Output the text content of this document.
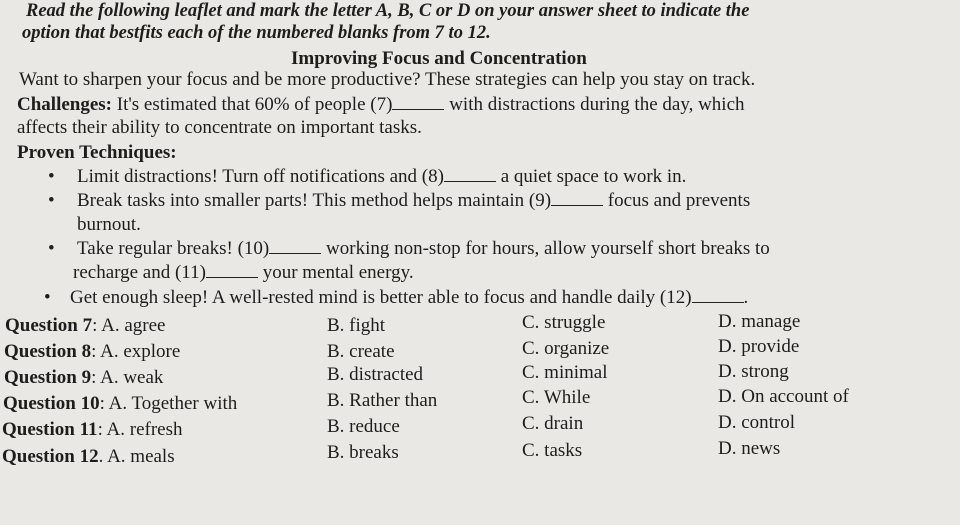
Read the following leaflet and mark the letter A, B, C or D on your answer sheet to indicate the
option that bestfits each of the numbered blanks from 7 to 12.
Improving Focus and Concentration
Want to sharpen your focus and be more productive? These strategies can help you stay on track.
Challenges: It's estimated that 60% of people (7)	with distractions during the day, which
affects their ability to concentrate on important tasks.
Proven Techniques:
• Limit distractions! Turn off notifications and (8)	a quiet space to work in.
• Break tasks into smaller parts! This method helps maintain (9)	focus and prevents
burnout.
• Take regular breaks! (10)	working non-stop for hours, allow yourself short breaks to
recharge and (11)	your mental energy.
• Get enough sleep! A well-rested mind is better able to focus and handle daily (12)	.
Question 7: A. agree	B. fight	C. struggle	D. manage
Question 8: A. explore	B. create	C. organize	D. provide
Question 9: A. weak	B. distracted	C. minimal	D. strong
Question 10: A. Together with	B. Rather than	C. While	D. On account of
Question 11: A. refresh	B. reduce	C. drain	D. control
Question 12. A. meals	B. breaks	C. tasks	D. news
